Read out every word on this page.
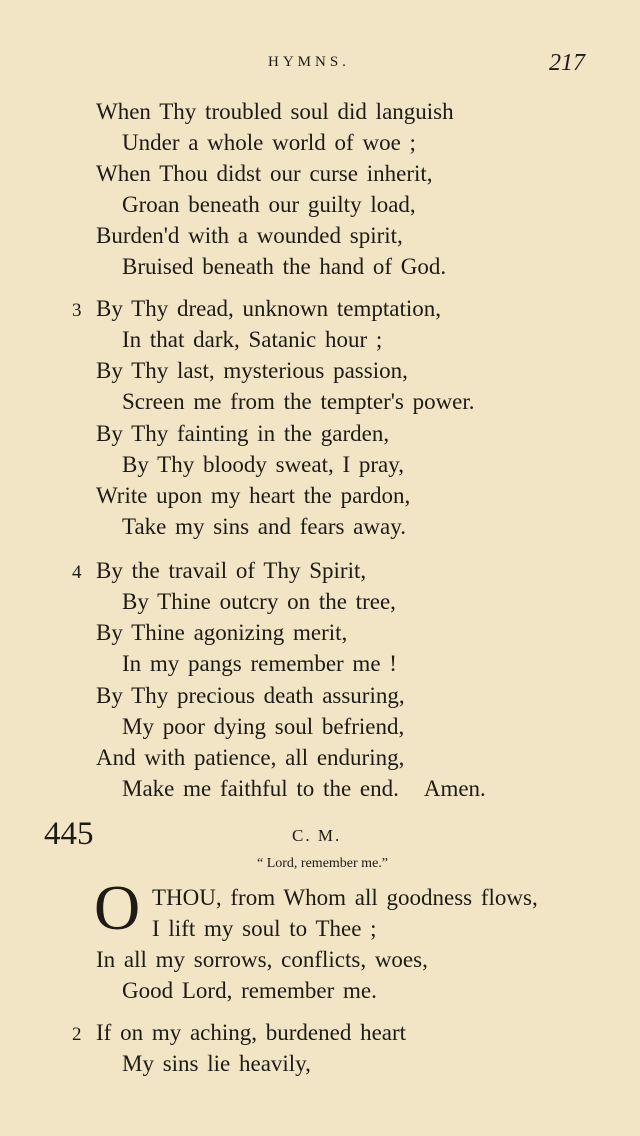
HYMNS.	217
When Thy troubled soul did languish
Under a whole world of woe ;
When Thou didst our curse inherit,
Groan beneath our guilty load,
Burden'd with a wounded spirit,
Bruised beneath the hand of God.
3 By Thy dread, unknown temptation,
In that dark, Satanic hour ;
By Thy last, mysterious passion,
Screen me from the tempter's power.
By Thy fainting in the garden,
By Thy bloody sweat, I pray,
Write upon my heart the pardon,
Take my sins and fears away.
4 By the travail of Thy Spirit,
By Thine outcry on the tree,
By Thine agonizing merit,
In my pangs remember me !
By Thy precious death assuring,
My poor dying soul befriend,
And with patience, all enduring,
Make me faithful to the end.   Amen.
445	C. M.
“ Lord, remember me.”
O THOU, from Whom all goodness flows,
I lift my soul to Thee ;
In all my sorrows, conflicts, woes,
Good Lord, remember me.
2 If on my aching, burdened heart
My sins lie heavily,
